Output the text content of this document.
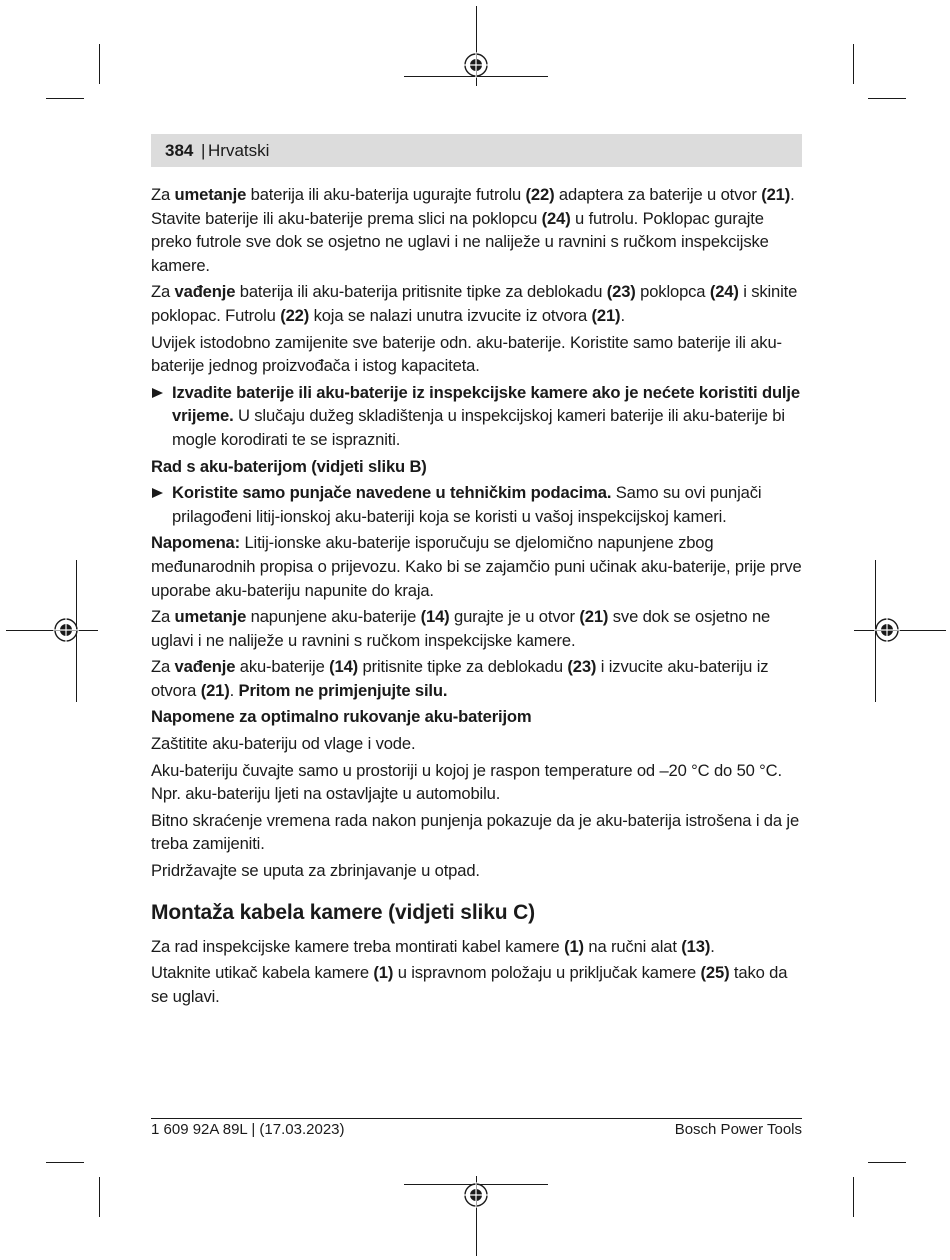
384 | Hrvatski

Za umetanje baterija ili aku-baterija ugurajte futrolu (22) adaptera za baterije u otvor (21). Stavite baterije ili aku-baterije prema slici na poklopcu (24) u futrolu. Poklopac gurajte preko futrole sve dok se osjetno ne uglavi i ne naliježe u ravnini s ručkom inspekcijske kamere.

Za vađenje baterija ili aku-baterija pritisnite tipke za deblokadu (23) poklopca (24) i skinite poklopac. Futrolu (22) koja se nalazi unutra izvucite iz otvora (21).

Uvijek istodobno zamijenite sve baterije odn. aku-baterije. Koristite samo baterije ili aku-baterije jednog proizvođača i istog kapaciteta.

Izvadite baterije ili aku-baterije iz inspekcijske kamere ako je nećete koristiti dulje vrijeme. U slučaju dužeg skladištenja u inspekcijskoj kameri baterije ili aku-baterije bi mogle korodirati te se isprazniti.

Rad s aku-baterijom (vidjeti sliku B)

Koristite samo punjače navedene u tehničkim podacima. Samo su ovi punjači prilagođeni litij-ionskoj aku-bateriji koja se koristi u vašoj inspekcijskoj kameri.

Napomena: Litij-ionske aku-baterije isporučuju se djelomično napunjene zbog međunarodnih propisa o prijevozu. Kako bi se zajamčio puni učinak aku-baterije, prije prve uporabe aku-bateriju napunite do kraja.

Za umetanje napunjene aku-baterije (14) gurajte je u otvor (21) sve dok se osjetno ne uglavi i ne naliježe u ravnini s ručkom inspekcijske kamere.

Za vađenje aku-baterije (14) pritisnite tipke za deblokadu (23) i izvucite aku-bateriju iz otvora (21). Pritom ne primjenjujte silu.

Napomene za optimalno rukovanje aku-baterijom

Zaštitite aku-bateriju od vlage i vode.

Aku-bateriju čuvajte samo u prostoriji u kojoj je raspon temperature od –20 °C do 50 °C. Npr. aku-bateriju ljeti na ostavljajte u automobilu.

Bitno skraćenje vremena rada nakon punjenja pokazuje da je aku-baterija istrošena i da je treba zamijeniti.

Pridržavajte se uputa za zbrinjavanje u otpad.

Montaža kabela kamere (vidjeti sliku C)

Za rad inspekcijske kamere treba montirati kabel kamere (1) na ručni alat (13).

Utaknite utikač kabela kamere (1) u ispravnom položaju u priključak kamere (25) tako da se uglavi.

1 609 92A 89L | (17.03.2023)	Bosch Power Tools
